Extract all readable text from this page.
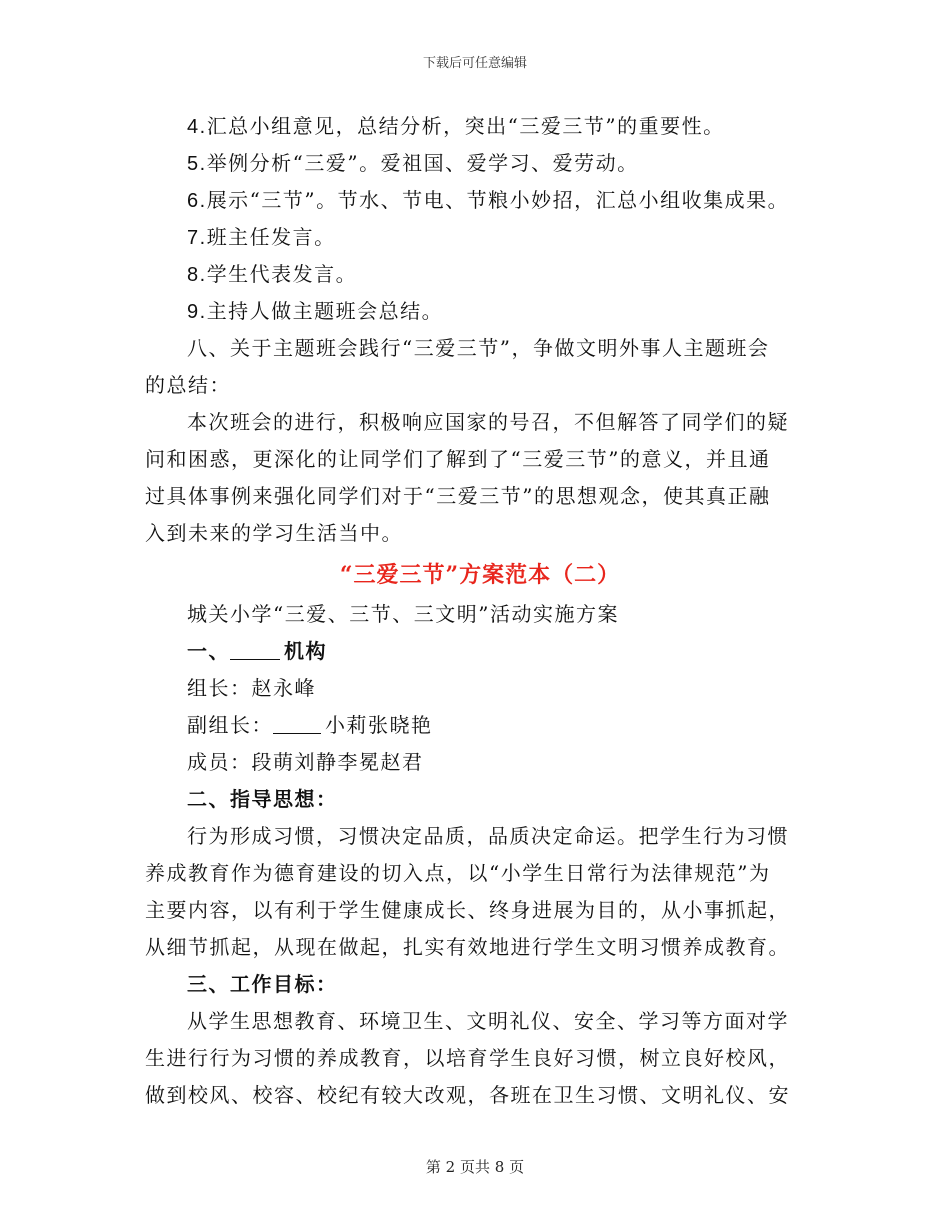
下载后可任意编辑
4.汇总小组意见，总结分析，突出“三爱三节”的重要性。
5.举例分析“三爱”。爱祖国、爱学习、爱劳动。
6.展示“三节”。节水、节电、节粮小妙招，汇总小组收集成果。
7.班主任发言。
8.学生代表发言。
9.主持人做主题班会总结。
八、关于主题班会践行“三爱三节”，争做文明外事人主题班会
的总结：
本次班会的进行，积极响应国家的号召，不但解答了同学们的疑
问和困惑，更深化的让同学们了解到了“三爱三节”的意义，并且通
过具体事例来强化同学们对于“三爱三节”的思想观念，使其真正融
入到未来的学习生活当中。
“三爱三节”方案范本（二）
城关小学“三爱、三节、三文明”活动实施方案
一、	机构
组长：赵永峰
副组长：	小莉张晓艳
成员：段萌刘静李冕赵君
二、指导思想：
行为形成习惯，习惯决定品质，品质决定命运。把学生行为习惯
养成教育作为德育建设的切入点，以“小学生日常行为法律规范”为
主要内容，以有利于学生健康成长、终身进展为目的，从小事抓起，
从细节抓起，从现在做起，扎实有效地进行学生文明习惯养成教育。
三、工作目标：
从学生思想教育、环境卫生、文明礼仪、安全、学习等方面对学
生进行行为习惯的养成教育，以培育学生良好习惯，树立良好校风，
做到校风、校容、校纪有较大改观，各班在卫生习惯、文明礼仪、安
第 2 页共 8 页
